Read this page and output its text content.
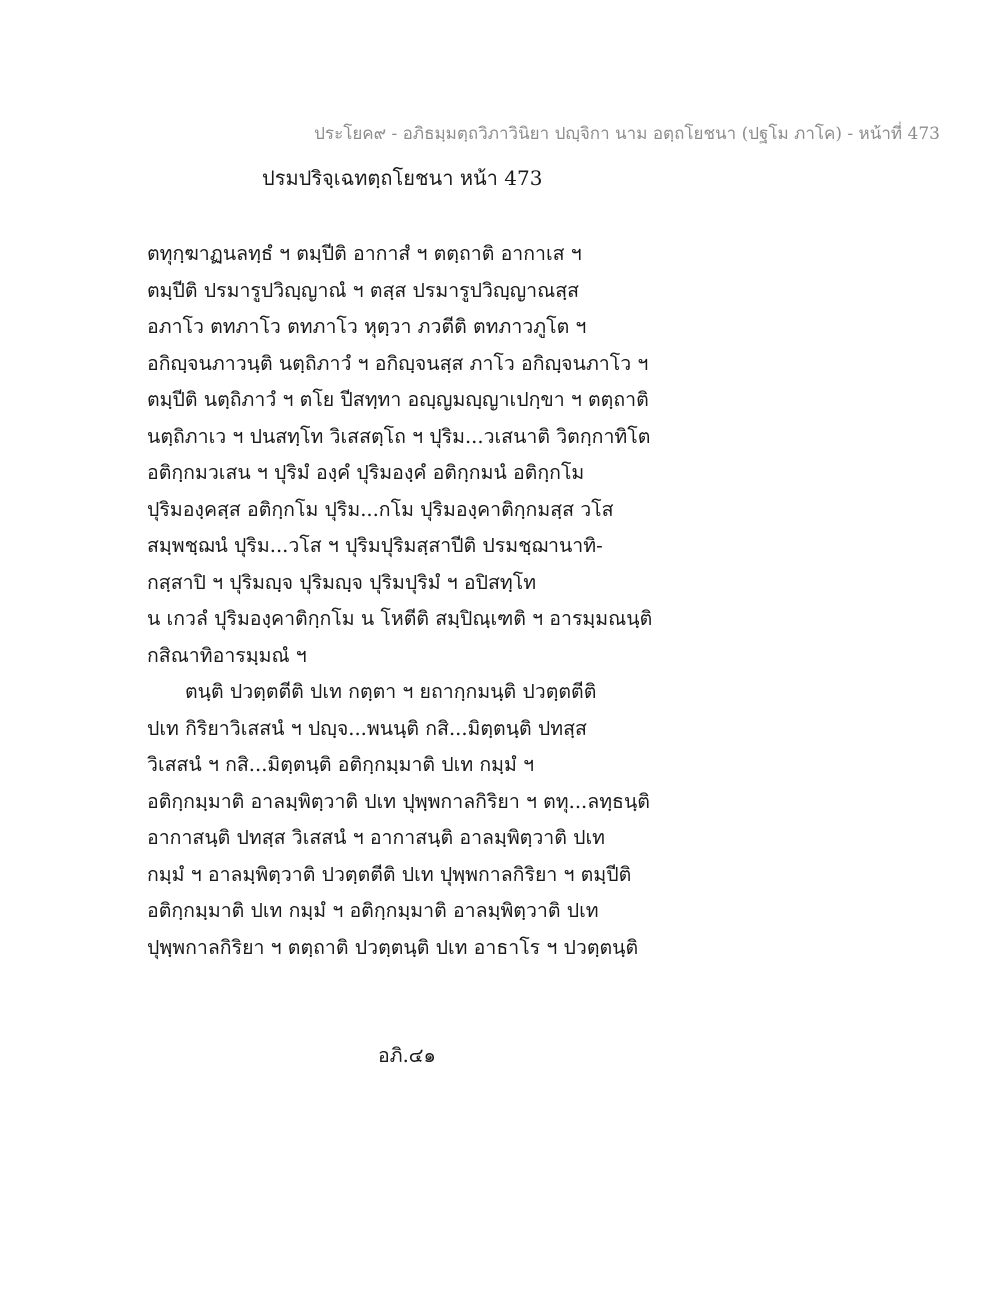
ประโยค๙ - อภิธมฺมตฺถวิภาวินิยา ปญฺจิกา นาม อตฺถโยชนา (ปฐโม ภาโค) - หน้าที่ 473
ปรมปริจฺเฉทตฺถโยชนา หน้า 473
ตทุกฺฆาฏนลทฺธํ ฯ ตมฺปีติ อากาสํ ฯ ตตฺถาติ อากาเส ฯ
ตมฺปีติ ปรมารูปวิญฺญาณํ ฯ ตสฺส ปรมารูปวิญฺญาณสฺส
อภาโว ตทภาโว ตทภาโว หุตฺวา ภวตีติ ตทภาวภูโต ฯ
อกิญฺจนภาวนฺติ นตฺถิภาวํ ฯ อกิญฺจนสฺส ภาโว อกิญฺจนภาโว ฯ
ตมฺปีติ นตฺถิภาวํ ฯ ตโย ปีสทฺทา อญฺญมญฺญาเปกฺขา ฯ ตตฺถาติ
นตฺถิภาเว ฯ ปนสทฺโท วิเสสตฺโถ ฯ ปุริม...วเสนาติ วิตกฺกาทิโต
อติกฺกมวเสน ฯ ปุริมํ องฺคํ ปุริมองฺคํ อติกฺกมนํ อติกฺกโม
ปุริมองฺคสฺส อติกฺกโม ปุริม...กโม ปุริมองฺคาติกฺกมสฺส วโส
สมฺพชฺฌนํ ปุริม...วโส ฯ ปุริมปุริมสฺสาปีติ ปรมชฺฌานาทิ-
กสฺสาปิ ฯ ปุริมญฺจ ปุริมญฺจ ปุริมปุริมํ ฯ อปิสทฺโท
น เกวลํ ปุริมองฺคาติกฺกโม น โหตีติ สมฺปิณฺเฑติ ฯ อารมฺมณนฺติ
กสิณาทิอารมฺมณํ ฯ
ตนฺติ ปวตฺตตีติ ปเท กตฺตา ฯ ยถากฺกมนฺติ ปวตฺตตีติ
ปเท กิริยาวิเสสนํ ฯ ปญฺจ...พนนฺติ กสิ...มิตฺตนฺติ ปทสฺส
วิเสสนํ ฯ กสิ...มิตฺตนฺติ อติกฺกมฺมาติ ปเท กมฺมํ ฯ
อติกฺกมฺมาติ อาลมฺพิตฺวาติ ปเท ปุพฺพกาลกิริยา ฯ ตทุ...ลทฺธนฺติ
อากาสนฺติ ปทสฺส วิเสสนํ ฯ อากาสนฺติ อาลมฺพิตฺวาติ ปเท
กมฺมํ ฯ อาลมฺพิตฺวาติ ปวตฺตตีติ ปเท ปุพฺพกาลกิริยา ฯ ตมฺปีติ
อติกฺกมฺมาติ ปเท กมฺมํ ฯ อติกฺกมฺมาติ อาลมฺพิตฺวาติ ปเท
ปุพฺพกาลกิริยา ฯ ตตฺถาติ ปวตฺตนฺติ ปเท อาธาโร ฯ ปวตฺตนฺติ
อภิ.๔๑
